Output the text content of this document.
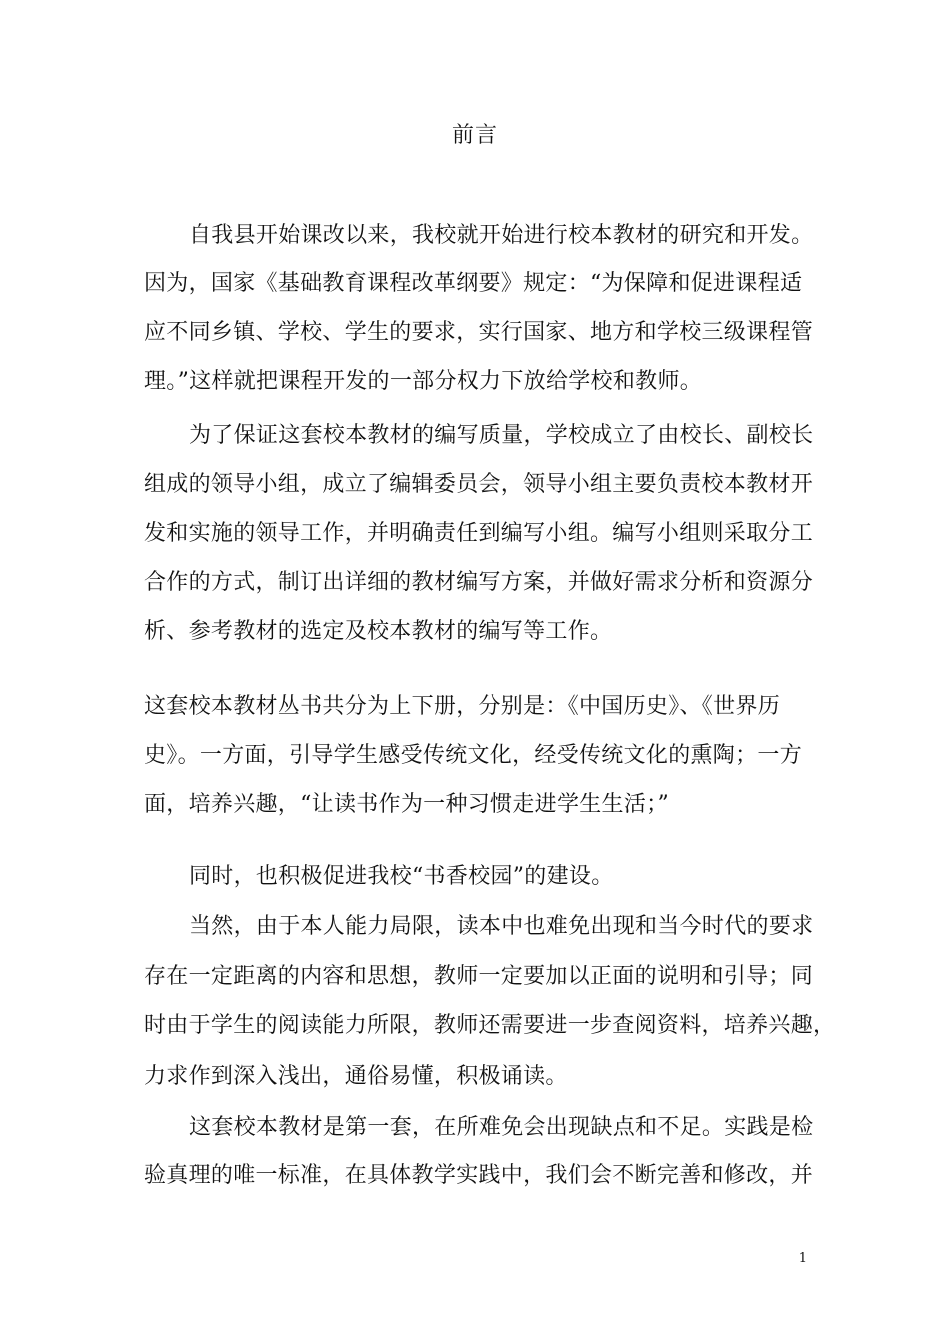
前言
自我县开始课改以来，我校就开始进行校本教材的研究和开发。
因为，国家《基础教育课程改革纲要》规定：“为保障和促进课程适
应不同乡镇、学校、学生的要求，实行国家、地方和学校三级课程管
理。”这样就把课程开发的一部分权力下放给学校和教师。
为了保证这套校本教材的编写质量，学校成立了由校长、副校长
组成的领导小组，成立了编辑委员会，领导小组主要负责校本教材开
发和实施的领导工作，并明确责任到编写小组。编写小组则采取分工
合作的方式，制订出详细的教材编写方案，并做好需求分析和资源分
析、参考教材的选定及校本教材的编写等工作。
这套校本教材丛书共分为上下册，分别是：《中国历史》、《世界历
史》。一方面，引导学生感受传统文化，经受传统文化的熏陶；一方
面，培养兴趣，“让读书作为一种习惯走进学生生活；”
同时，也积极促进我校“书香校园”的建设。
当然，由于本人能力局限，读本中也难免出现和当今时代的要求
存在一定距离的内容和思想，教师一定要加以正面的说明和引导；同
时由于学生的阅读能力所限，教师还需要进一步查阅资料，培养兴趣，
力求作到深入浅出，通俗易懂，积极诵读。
这套校本教材是第一套，在所难免会出现缺点和不足。实践是检
验真理的唯一标准，在具体教学实践中，我们会不断完善和修改，并
1
